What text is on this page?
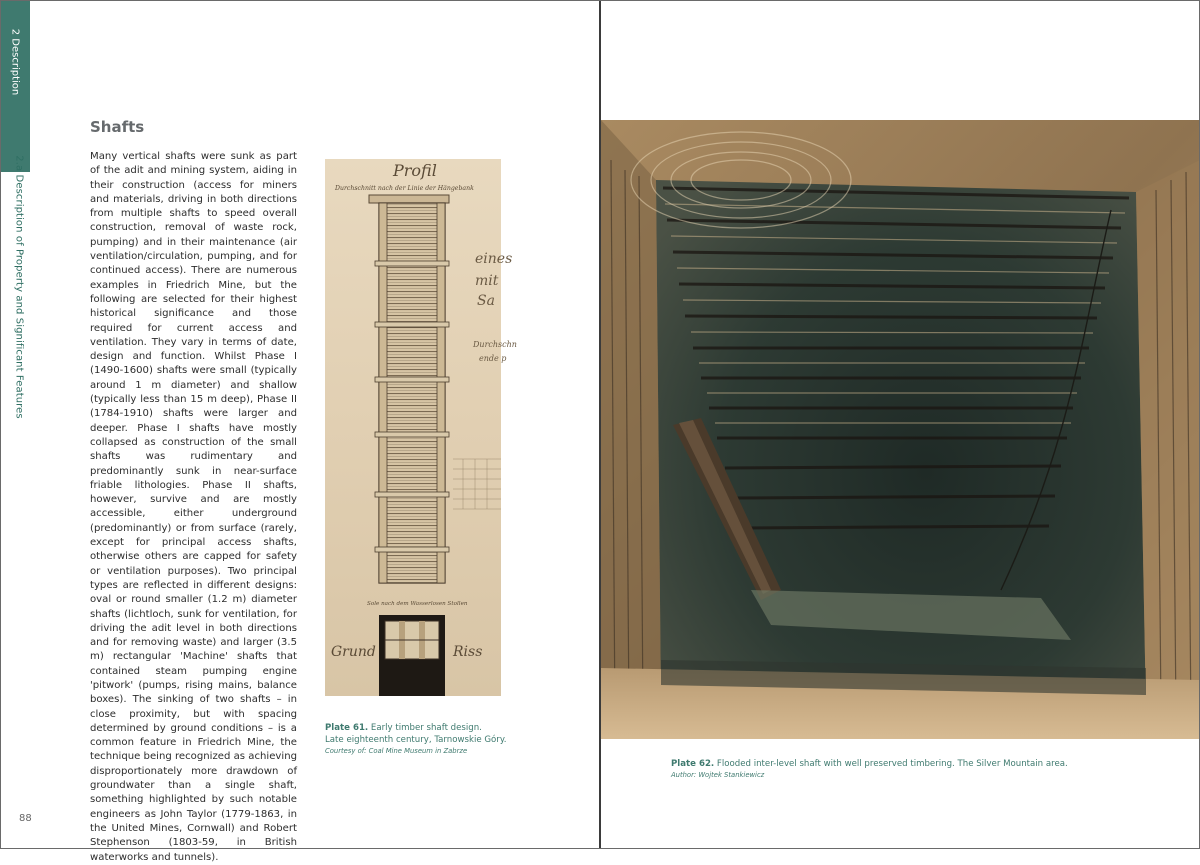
2 Description
2.a Description of Property and Significant Features
Shafts
Many vertical shafts were sunk as part of the adit and mining system, aiding in their construction (access for miners and materials, driving in both directions from multiple shafts to speed overall construction, removal of waste rock, pumping) and in their maintenance (air ventilation/circulation, pumping, and for continued access). There are numerous examples in Friedrich Mine, but the following are selected for their highest historical significance and those required for current access and ventilation. They vary in terms of date, design and function. Whilst Phase I (1490-1600) shafts were small (typically around 1 m diameter) and shallow (typically less than 15 m deep), Phase II (1784-1910) shafts were larger and deeper. Phase I shafts have mostly collapsed as construction of the small shafts was rudimentary and predominantly sunk in near-surface friable lithologies. Phase II shafts, however, survive and are mostly accessible, either underground (predominantly) or from surface (rarely, except for principal access shafts, otherwise others are capped for safety or ventilation purposes). Two principal types are reflected in different designs: oval or round smaller (1.2 m) diameter shafts (lichtloch, sunk for ventilation, for driving the adit level in both directions and for removing waste) and larger (3.5 m) rectangular 'Machine' shafts that contained steam pumping engine 'pitwork' (pumps, rising mains, balance boxes). The sinking of two shafts – in close proximity, but with spacing determined by ground conditions – is a common feature in Friedrich Mine, the technique being recognized as achieving disproportionately more drawdown of groundwater than a single shaft, something highlighted by such notable engineers as John Taylor (1779-1863, in the United Mines, Cornwall) and Robert Stephenson (1803-59, in British waterworks and tunnels).
Profil
Durchschnitt nach der Linie der Hängebank
eines
mit
Sa
Durchschn
ende p
Sole nach dem Wasserlosen Stollen
Grund	Riss
Plate 61. Early timber shaft design.
Late eighteenth century, Tarnowskie Góry.
Courtesy of: Coal Mine Museum in Zabrze
88
Plate 62. Flooded inter-level shaft with well preserved timbering. The Silver Mountain area.
Author: Wojtek Stankiewicz
